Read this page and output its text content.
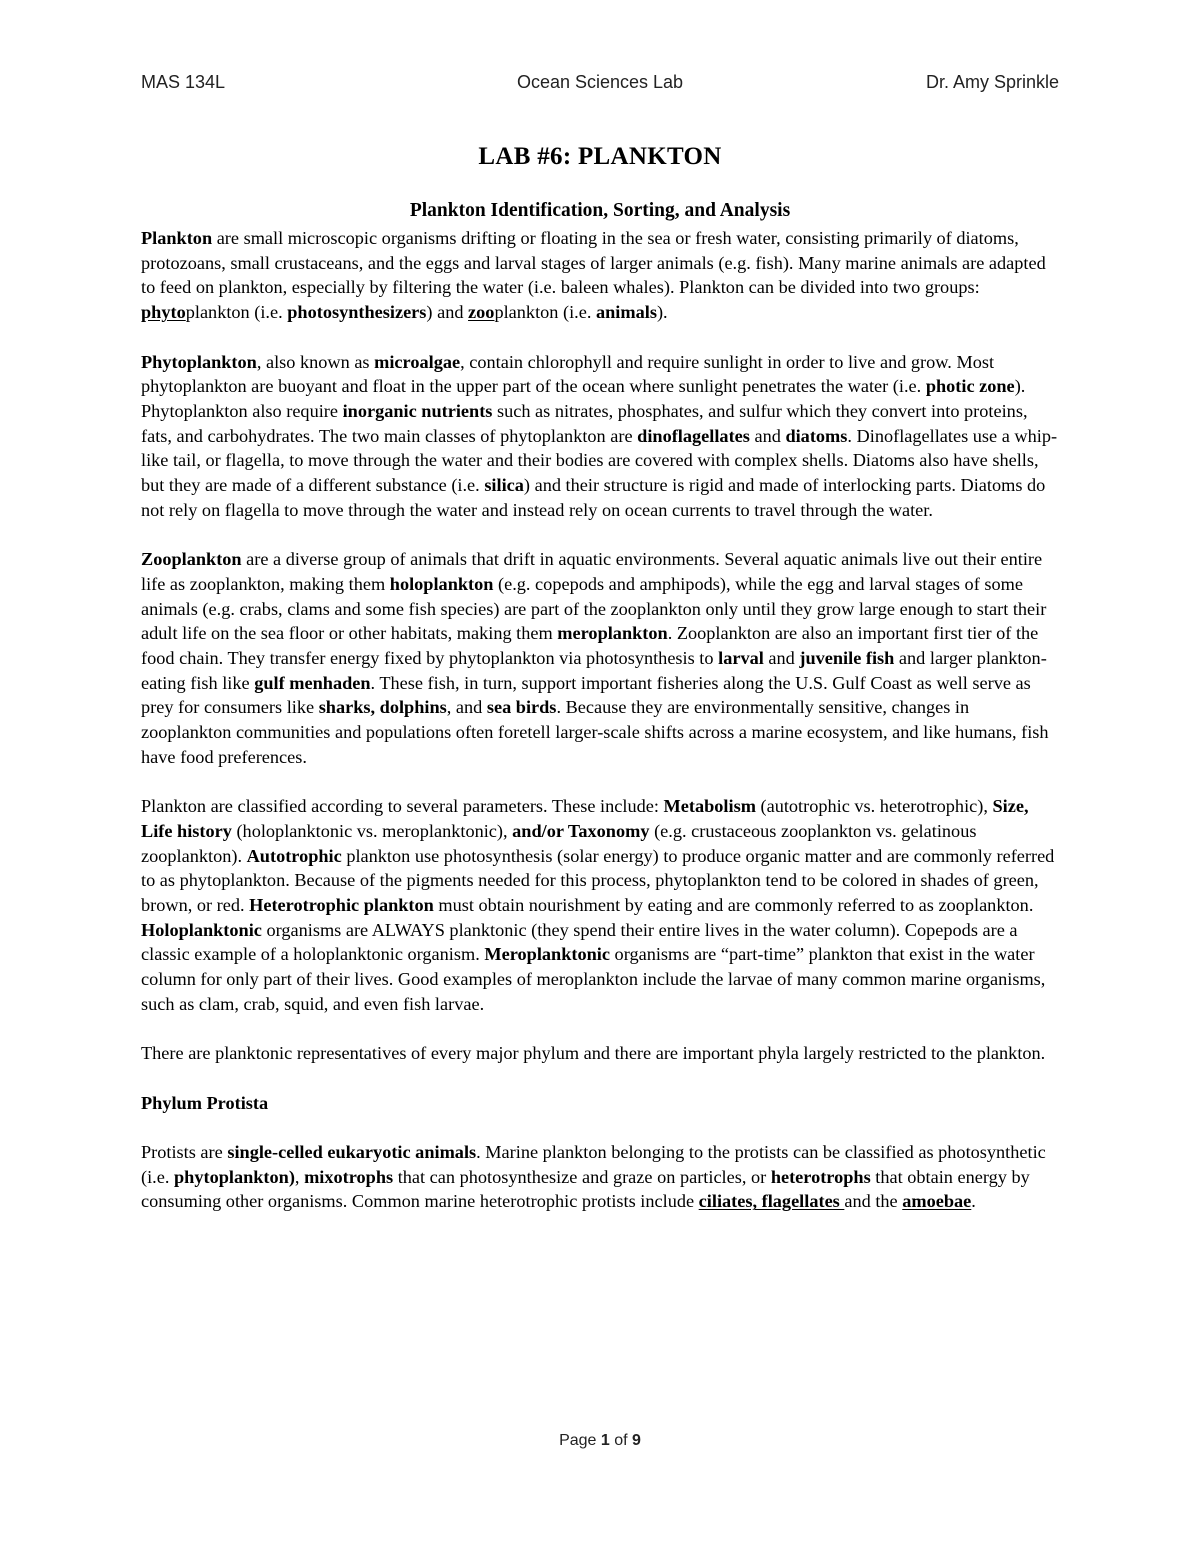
MAS 134L	Ocean Sciences Lab	Dr. Amy Sprinkle
LAB #6: PLANKTON
Plankton Identification, Sorting, and Analysis

Plankton are small microscopic organisms drifting or floating in the sea or fresh water, consisting primarily of diatoms, protozoans, small crustaceans, and the eggs and larval stages of larger animals (e.g. fish). Many marine animals are adapted to feed on plankton, especially by filtering the water (i.e. baleen whales). Plankton can be divided into two groups: phytoplankton (i.e. photosynthesizers) and zooplankton (i.e. animals).

Phytoplankton, also known as microalgae, contain chlorophyll and require sunlight in order to live and grow. Most phytoplankton are buoyant and float in the upper part of the ocean where sunlight penetrates the water (i.e. photic zone). Phytoplankton also require inorganic nutrients such as nitrates, phosphates, and sulfur which they convert into proteins, fats, and carbohydrates. The two main classes of phytoplankton are dinoflagellates and diatoms. Dinoflagellates use a whip-like tail, or flagella, to move through the water and their bodies are covered with complex shells. Diatoms also have shells, but they are made of a different substance (i.e. silica) and their structure is rigid and made of interlocking parts. Diatoms do not rely on flagella to move through the water and instead rely on ocean currents to travel through the water.

Zooplankton are a diverse group of animals that drift in aquatic environments. Several aquatic animals live out their entire life as zooplankton, making them holoplankton (e.g. copepods and amphipods), while the egg and larval stages of some animals (e.g. crabs, clams and some fish species) are part of the zooplankton only until they grow large enough to start their adult life on the sea floor or other habitats, making them meroplankton. Zooplankton are also an important first tier of the food chain. They transfer energy fixed by phytoplankton via photosynthesis to larval and juvenile fish and larger plankton-eating fish like gulf menhaden. These fish, in turn, support important fisheries along the U.S. Gulf Coast as well serve as prey for consumers like sharks, dolphins, and sea birds. Because they are environmentally sensitive, changes in zooplankton communities and populations often foretell larger-scale shifts across a marine ecosystem, and like humans, fish have food preferences.

Plankton are classified according to several parameters. These include: Metabolism (autotrophic vs. heterotrophic), Size, Life history (holoplanktonic vs. meroplanktonic), and/or Taxonomy (e.g. crustaceous zooplankton vs. gelatinous zooplankton). Autotrophic plankton use photosynthesis (solar energy) to produce organic matter and are commonly referred to as phytoplankton. Because of the pigments needed for this process, phytoplankton tend to be colored in shades of green, brown, or red. Heterotrophic plankton must obtain nourishment by eating and are commonly referred to as zooplankton. Holoplanktonic organisms are ALWAYS planktonic (they spend their entire lives in the water column). Copepods are a classic example of a holoplanktonic organism. Meroplanktonic organisms are “part-time” plankton that exist in the water column for only part of their lives. Good examples of meroplankton include the larvae of many common marine organisms, such as clam, crab, squid, and even fish larvae.

There are planktonic representatives of every major phylum and there are important phyla largely restricted to the plankton.

Phylum Protista

Protists are single-celled eukaryotic animals. Marine plankton belonging to the protists can be classified as photosynthetic (i.e. phytoplankton), mixotrophs that can photosynthesize and graze on particles, or heterotrophs that obtain energy by consuming other organisms. Common marine heterotrophic protists include ciliates, flagellates and the amoebae.

Page 1 of 9
